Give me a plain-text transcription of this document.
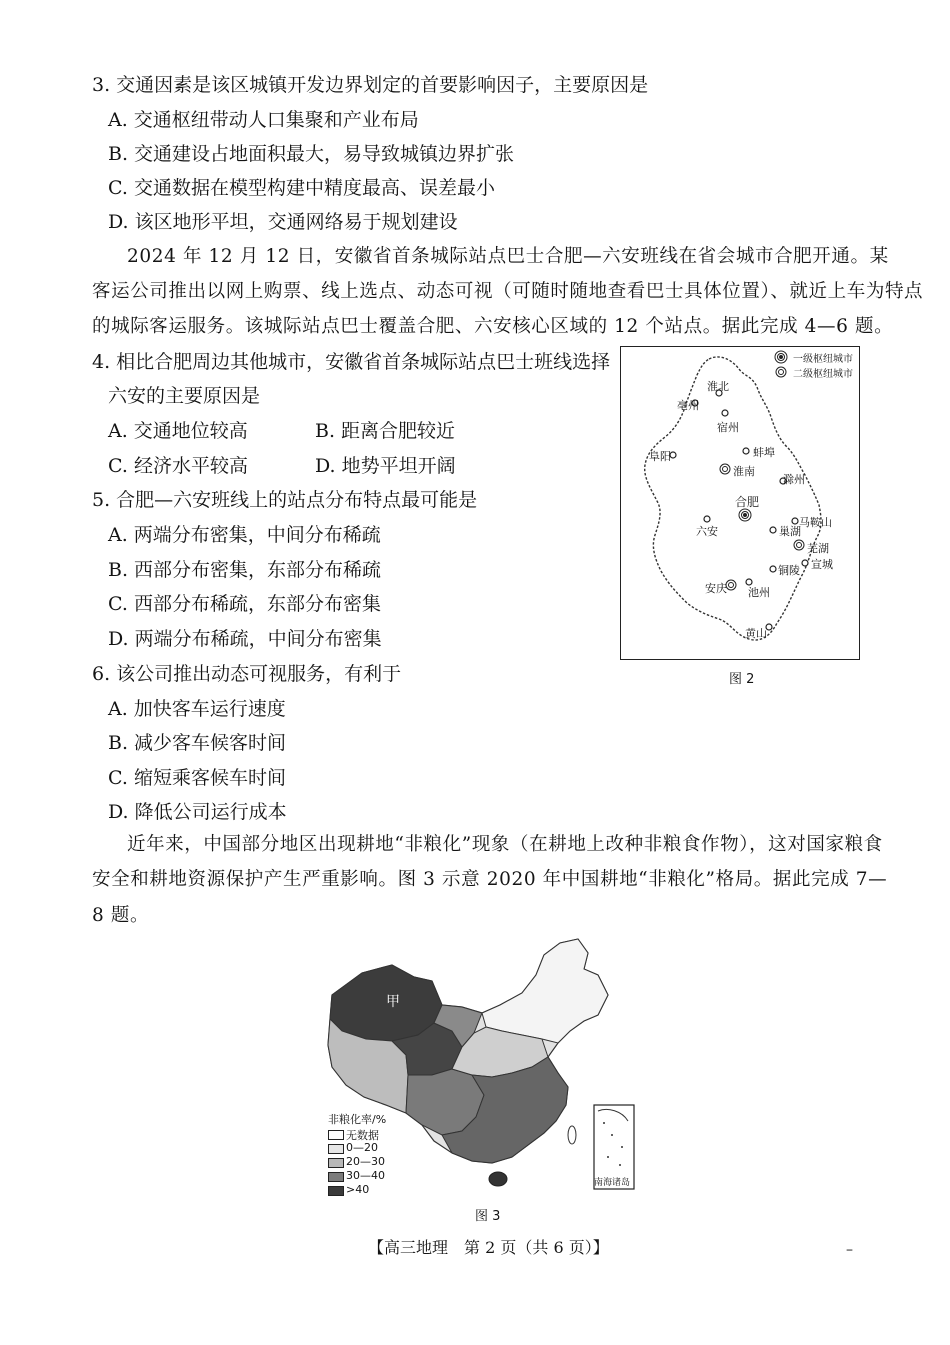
3. 交通因素是该区城镇开发边界划定的首要影响因子，主要原因是
A. 交通枢纽带动人口集聚和产业布局
B. 交通建设占地面积最大，易导致城镇边界扩张
C. 交通数据在模型构建中精度最高、误差最小
D. 该区地形平坦，交通网络易于规划建设
2024 年 12 月 12 日，安徽省首条城际站点巴士合肥—六安班线在省会城市合肥开通。某
客运公司推出以网上购票、线上选点、动态可视（可随时随地查看巴士具体位置）、就近上车为特点
的城际客运服务。该城际站点巴士覆盖合肥、六安核心区域的 12 个站点。据此完成 4—6 题。
4. 相比合肥周边其他城市，安徽省首条城际站点巴士班线选择
六安的主要原因是
A. 交通地位较高	B. 距离合肥较近
C. 经济水平较高	D. 地势平坦开阔
5. 合肥—六安班线上的站点分布特点最可能是
A. 两端分布密集，中间分布稀疏
B. 西部分布密集，东部分布稀疏
C. 西部分布稀疏，东部分布密集
D. 两端分布稀疏，中间分布密集
6. 该公司推出动态可视服务，有利于
A. 加快客车运行速度
B. 减少客车候客时间
C. 缩短乘客候车时间
D. 降低公司运行成本
近年来，中国部分地区出现耕地“非粮化”现象（在耕地上改种非粮食作物），这对国家粮食
安全和耕地资源保护产生严重影响。图 3 示意 2020 年中国耕地“非粮化”格局。据此完成 7—
8 题。
一级枢纽城市
二级枢纽城市
淮北
亳州
宿州
阜阳	蚌埠
淮南
滁州
合肥
六安	巢湖
马鞍山
芜湖
宣城
铜陵
安庆 池州
黄山
图 2
甲
南海诸岛
非粮化率/%
无数据
0—20
20—30
30—40
>40
图 3
【高三地理　第 2 页（共 6 页）】	–
